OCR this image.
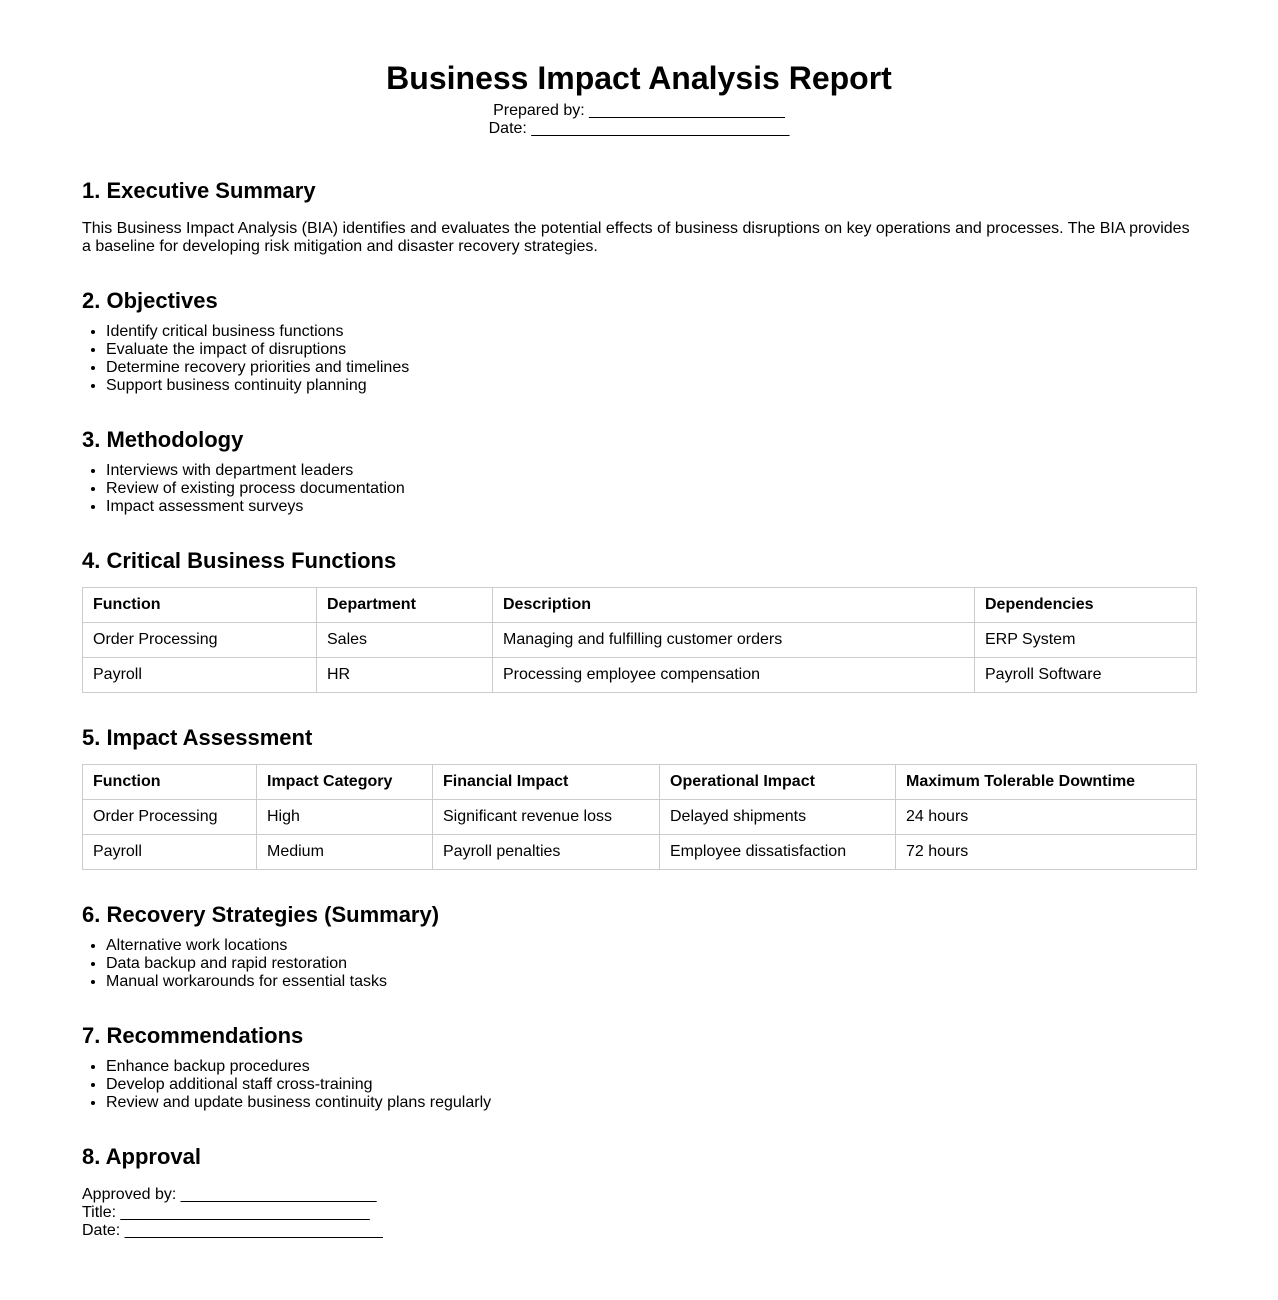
Business Impact Analysis Report
Prepared by: ______________________
Date: _____________________________
1. Executive Summary

This Business Impact Analysis (BIA) identifies and evaluates the potential effects of business disruptions on key operations and processes. The BIA provides a baseline for developing risk mitigation and disaster recovery strategies.

2. Objectives
• Identify critical business functions
• Evaluate the impact of disruptions
• Determine recovery priorities and timelines
• Support business continuity planning
3. Methodology
• Interviews with department leaders
• Review of existing process documentation
• Impact assessment surveys
4. Critical Business Functions
Function	Department	Description	Dependencies
Order Processing	Sales	Managing and fulfilling customer orders	ERP System
Payroll	HR	Processing employee compensation	Payroll Software
5. Impact Assessment
Function	Impact Category	Financial Impact	Operational Impact	Maximum Tolerable Downtime
Order Processing	High	Significant revenue loss	Delayed shipments	24 hours
Payroll	Medium	Payroll penalties	Employee dissatisfaction	72 hours
6. Recovery Strategies (Summary)
• Alternative work locations
• Data backup and rapid restoration
• Manual workarounds for essential tasks
7. Recommendations
• Enhance backup procedures
• Develop additional staff cross-training
• Review and update business continuity plans regularly
8. Approval
Approved by: ______________________
Title: ____________________________
Date: _____________________________
